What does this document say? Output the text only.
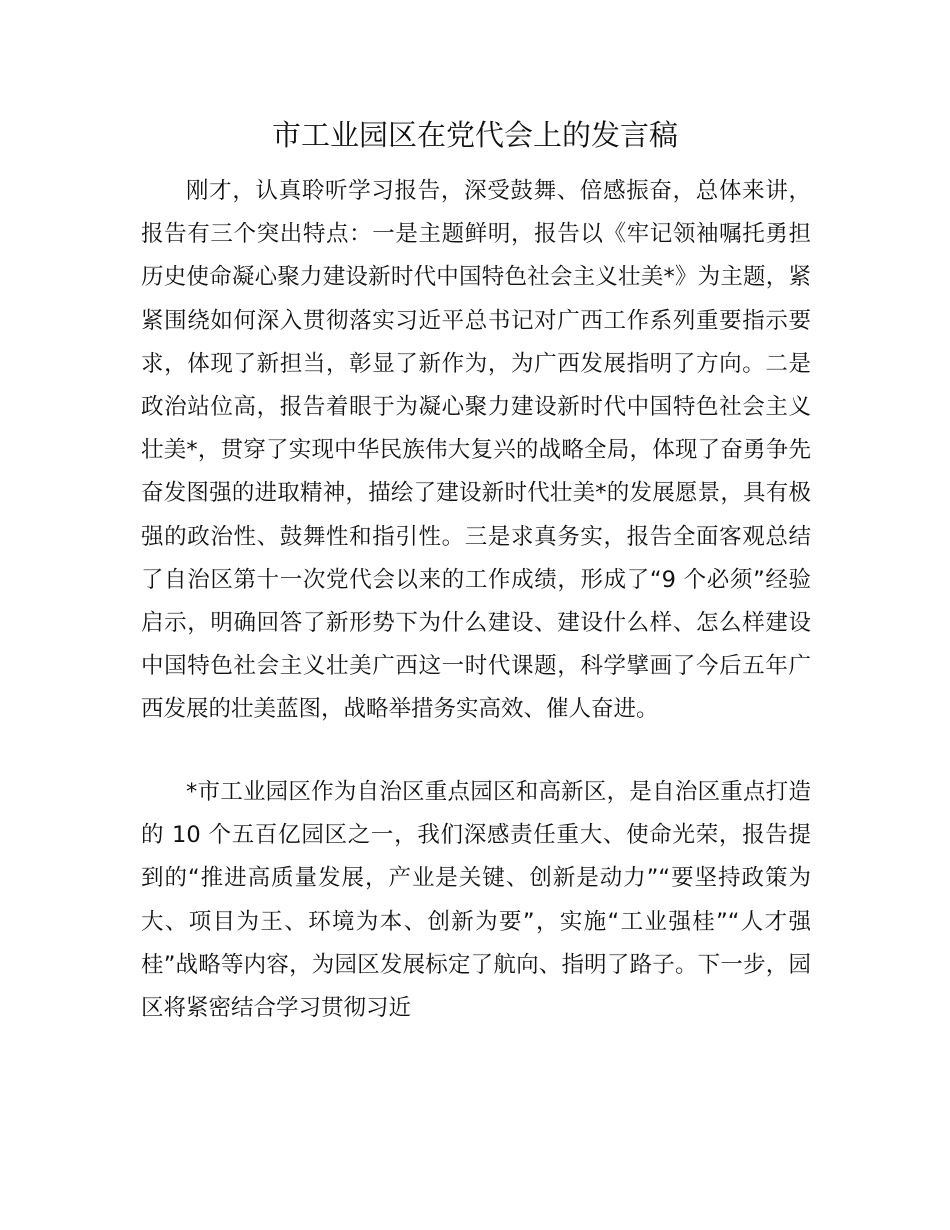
市工业园区在党代会上的发言稿

刚才，认真聆听学习报告，深受鼓舞、倍感振奋，总体来讲，报告有三个突出特点：一是主题鲜明，报告以《牢记领袖嘱托勇担历史使命凝心聚力建设新时代中国特色社会主义壮美*》为主题，紧紧围绕如何深入贯彻落实习近平总书记对广西工作系列重要指示要求，体现了新担当，彰显了新作为，为广西发展指明了方向。二是政治站位高，报告着眼于为凝心聚力建设新时代中国特色社会主义壮美*，贯穿了实现中华民族伟大复兴的战略全局，体现了奋勇争先奋发图强的进取精神，描绘了建设新时代壮美*的发展愿景，具有极强的政治性、鼓舞性和指引性。三是求真务实，报告全面客观总结了自治区第十一次党代会以来的工作成绩，形成了“9 个必须”经验启示，明确回答了新形势下为什么建设、建设什么样、怎么样建设中国特色社会主义壮美广西这一时代课题，科学擘画了今后五年广西发展的壮美蓝图，战略举措务实高效、催人奋进。

*市工业园区作为自治区重点园区和高新区，是自治区重点打造的 10 个五百亿园区之一，我们深感责任重大、使命光荣，报告提到的“推进高质量发展，产业是关键、创新是动力”“要坚持政策为大、项目为王、环境为本、创新为要”，实施“工业强桂”“人才强桂”战略等内容，为园区发展标定了航向、指明了路子。下一步，园区将紧密结合学习贯彻习近
